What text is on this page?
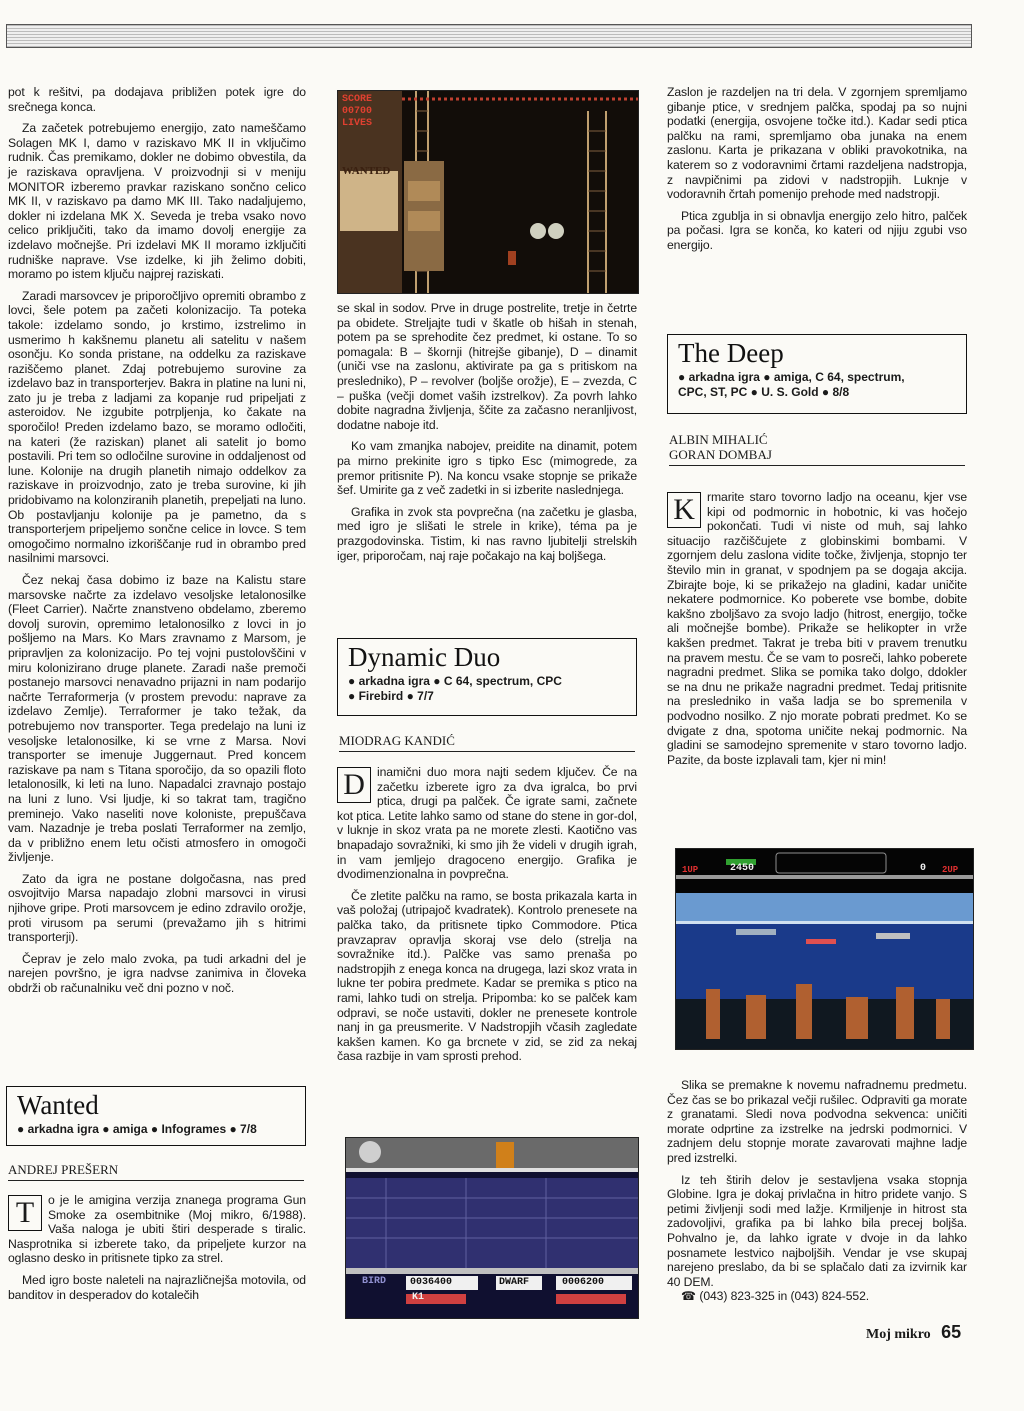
pot k rešitvi, pa dodajava približen potek igre do srečnega konca.

Za začetek potrebujemo energijo, zato nameščamo Solagen MK I, damo v raziskavo MK II in vključimo rudnik. Čas premikamo, dokler ne dobimo obvestila, da je raziskava opravljena. V proizvodnji si v meniju MONITOR izberemo pravkar raziskano sončno celico MK II, v raziskavo pa damo MK III. Tako nadaljujemo, dokler ni izdelana MK X. Seveda je treba vsako novo celico priključiti, tako da imamo dovolj energije za izdelavo močnejše. Pri izdelavi MK II moramo izključiti rudniške naprave. Vse izdelke, ki jih želimo dobiti, moramo po istem ključu najprej raziskati.

Zaradi marsovcev je priporočljivo opremiti obrambo z lovci, šele potem pa začeti kolonizacijo. Ta poteka takole: izdelamo sondo, jo krstimo, izstrelimo in usmerimo h kakšnemu planetu ali satelitu v našem osončju. Ko sonda pristane, na oddelku za raziskave raziščemo planet. Zdaj potrebujemo surovine za izdelavo baz in transporterjev. Bakra in platine na luni ni, zato ju je treba z ladjami za kopanje rud pripeljati z asteroidov. Ne izgubite potrpljenja, ko čakate na sporočilo! Preden izdelamo bazo, se moramo odločiti, na kateri (že raziskan) planet ali satelit jo bomo postavili. Pri tem so odločilne surovine in oddaljenost od lune. Kolonije na drugih planetih nimajo oddelkov za raziskave in proizvodnjo, zato je treba surovine, ki jih pridobivamo na kolonziranih planetih, prepeljati na luno. Ob postavljanju kolonije pa je pametno, da s transporterjem pripeljemo sončne celice in lovce. S tem omogočimo normalno izkoriščanje rud in obrambo pred nasilnimi marsovci.

Čez nekaj časa dobimo iz baze na Kalistu stare marsovske načrte za izdelavo vesoljske letalonosilke (Fleet Carrier). Načrte znanstveno obdelamo, zberemo dovolj surovin, opremimo letalonosilko z lovci in jo pošljemo na Mars. Ko Mars zravnamo z Marsom, je pripravljen za kolonizacijo. Po tej vojni pustolovščini v miru kolonizirano druge planete. Zaradi naše premoči postanejo marsovci nenavadno prijazni in nam podarijo načrte Terraformerja (v prostem prevodu: naprave za izdelavo Zemlje). Terraformer je tako težak, da potrebujemo nov transporter. Tega predelajo na luni iz vesoljske letalonosilke, ki se vrne z Marsa. Novi transporter se imenuje Juggernaut. Pred koncem raziskave pa nam s Titana sporočijo, da so opazili floto letalonosilk, ki leti na luno. Napadalci zravnajo postajo na luni z luno. Vsi ljudje, ki so takrat tam, tragično preminejo. Vako naseliti nove koloniste, prepuščava vam. Nazadnje je treba poslati Terraformer na zemljo, da v približno enem letu očisti atmosfero in omogoči življenje.

Zato da igra ne postane dolgočasna, nas pred osvojitvijo Marsa napadajo zlobni marsovci in virusi njihove gripe. Proti marsovcem je edino zdravilo orožje, proti virusom pa serumi (prevažamo jih s hitrimi transporterji).

Čeprav je zelo malo zvoka, pa tudi arkadni del je narejen površno, je igra nadvse zanimiva in človeka obdrži ob računalniku več dni pozno v noč.

Wanted
● arkadna igra ● amiga ● Infogrames ● 7/8
ANDREJ PREŠERN

T	o je le amigina verzija znanega programa Gun Smoke za osembitnike (Moj mikro, 6/1988). Vaša naloga je ubiti štiri desperade s tiralic. Nasprotnika si izberete tako, da pripeljete kurzor na oglasno desko in pritisnete tipko za strel.

Med igro boste naleteli na najrazličnejša motovila, od banditov in desperadov do kotalečih

SCORE
00700
LIVES
WANTED

se skal in sodov. Prve in druge postrelite, tretje in četrte pa obidete. Streljajte tudi v škatle ob hišah in stenah, potem pa se sprehodite čez predmet, ki ostane. To so pomagala: B – škornji (hitrejše gibanje), D – dinamit (uniči vse na zaslonu, aktivirate pa ga s pritiskom na presledniko), P – revolver (boljše orožje), E – zvezda, C – puška (večji domet vaših izstrelkov). Za povrh lahko dobite nagradna življenja, ščite za začasno neranljivost, dodatne naboje itd.

Ko vam zmanjka nabojev, preidite na dinamit, potem pa mirno prekinite igro s tipko Esc (mimogrede, za premor pritisnite P). Na koncu vsake stopnje se prikaže šef. Umirite ga z več zadetki in si izberite naslednjega.

Grafika in zvok sta povprečna (na začetku je glasba, med igro je slišati le strele in krike), téma pa je prazgodovinska. Tistim, ki nas ravno ljubitelji strelskih iger, priporočam, naj raje počakajo na kaj boljšega.

Dynamic Duo
● arkadna igra ● C 64, spectrum, CPC
● Firebird ● 7/7
MIODRAG KANDIĆ

D	inamični duo mora najti sedem ključev. Če na začetku izberete igro za dva igralca, bo prvi ptica, drugi pa palček. Če igrate sami, začnete kot ptica. Letite lahko samo od stane do stene in gor-dol, v luknje in skoz vrata pa ne morete zlesti. Kaotično vas bnapadajo sovražniki, ki smo jih že videli v drugih igrah, in vam jemljejo dragoceno energijo. Grafika je dvodimenzionalna in povprečna.

Če zletite palčku na ramo, se bosta prikazala karta in vaš položaj (utripajoč kvadratek). Kontrolo prenesete na palčka tako, da pritisnete tipko Commodore. Ptica pravzaprav opravlja skoraj vse delo (strelja na sovražnike itd.). Palčke vas samo prenaša po nadstropjih z enega konca na drugega, lazi skoz vrata in lukne ter pobira predmete. Kadar se premika s ptico na rami, lahko tudi on strelja. Pripomba: ko se palček kam odpravi, se noče ustaviti, dokler ne prenesete kontrole nanj in ga preusmerite. V Nadstropjih včasih zagledate kakšen kamen. Ko ga brcnete v zid, se zid za nekaj časa razbije in vam sprosti prehod.

BIRD 0036400	DWARF	0006200
K1

Zaslon je razdeljen na tri dela. V zgornjem spremljamo gibanje ptice, v srednjem palčka, spodaj pa so nujni podatki (energija, osvojene točke itd.). Kadar sedi ptica palčku na rami, spremljamo oba junaka na enem zaslonu. Karta je prikazana v obliki pravokotnika, na katerem so z vodoravnimi črtami razdeljena nadstropja, z navpičnimi pa zidovi v nadstropjih. Luknje v vodoravnih črtah pomenijo prehode med nadstropji.

Ptica zgublja in si obnavlja energijo zelo hitro, palček pa počasi. Igra se konča, ko kateri od njiju zgubi vso energijo.

The Deep
● arkadna igra ● amiga, C 64, spectrum,
CPC, ST, PC ● U. S. Gold ● 8/8
ALBIN MIHALIĆ
GORAN DOMBAJ

K	rmarite staro tovorno ladjo na oceanu, kjer vse kipi od podmornic in hobotnic, ki vas hočejo pokončati. Tudi vi niste od muh, saj lahko situacijo razčiščujete z globinskimi bombami. V zgornjem delu zaslona vidite točke, življenja, stopnjo ter število min in granat, v spodnjem pa se dogaja akcija. Zbirajte boje, ki se prikažejo na gladini, kadar uničite nekatere podmornice. Ko poberete vse bombe, dobite kakšno zboljšavo za svojo ladjo (hitrost, energijo, točke ali močnejše bombe). Prikaže se helikopter in vrže kakšen predmet. Takrat je treba biti v pravem trenutku na pravem mestu. Če se vam to posreči, lahko poberete nagradni predmet. Slika se pomika tako dolgo, ddokler se na dnu ne prikaže nagradni predmet. Tedaj pritisnite na presledniko in vaša ladja se bo spremenila v podvodno nosilko. Z njo morate pobrati predmet. Ko se dvigate z dna, spotoma uničite nekaj podmornic. Na gladini se samodejno spremenite v staro tovorno ladjo. Pazite, da boste izplavali tam, kjer ni min!

1UP	2450	0 2UP

Slika se premakne k novemu nafradnemu predmetu. Čez čas se bo prikazal večji rušilec. Odpraviti ga morate z granatami. Sledi nova podvodna sekvenca: uničiti morate odprtine za izstrelke na jedrski podmornici. V zadnjem delu stopnje morate zavarovati majhne ladje pred izstrelki.

Iz teh štirih delov je sestavljena vsaka stopnja Globine. Igra je dokaj privlačna in hitro pridete vanjo. S petimi življenji sodi med lažje. Krmiljenje in hitrost sta zadovoljivi, grafika pa bi lahko bila precej boljša. Pohvalno je, da lahko igrate v dvoje in da lahko posnamete lestvico najboljših. Vendar je vse skupaj narejeno preslabo, da bi se splačalo dati za izvirnik kar 40 DEM.

☎ (043) 823-325 in (043) 824-552.

Moj mikro 65
